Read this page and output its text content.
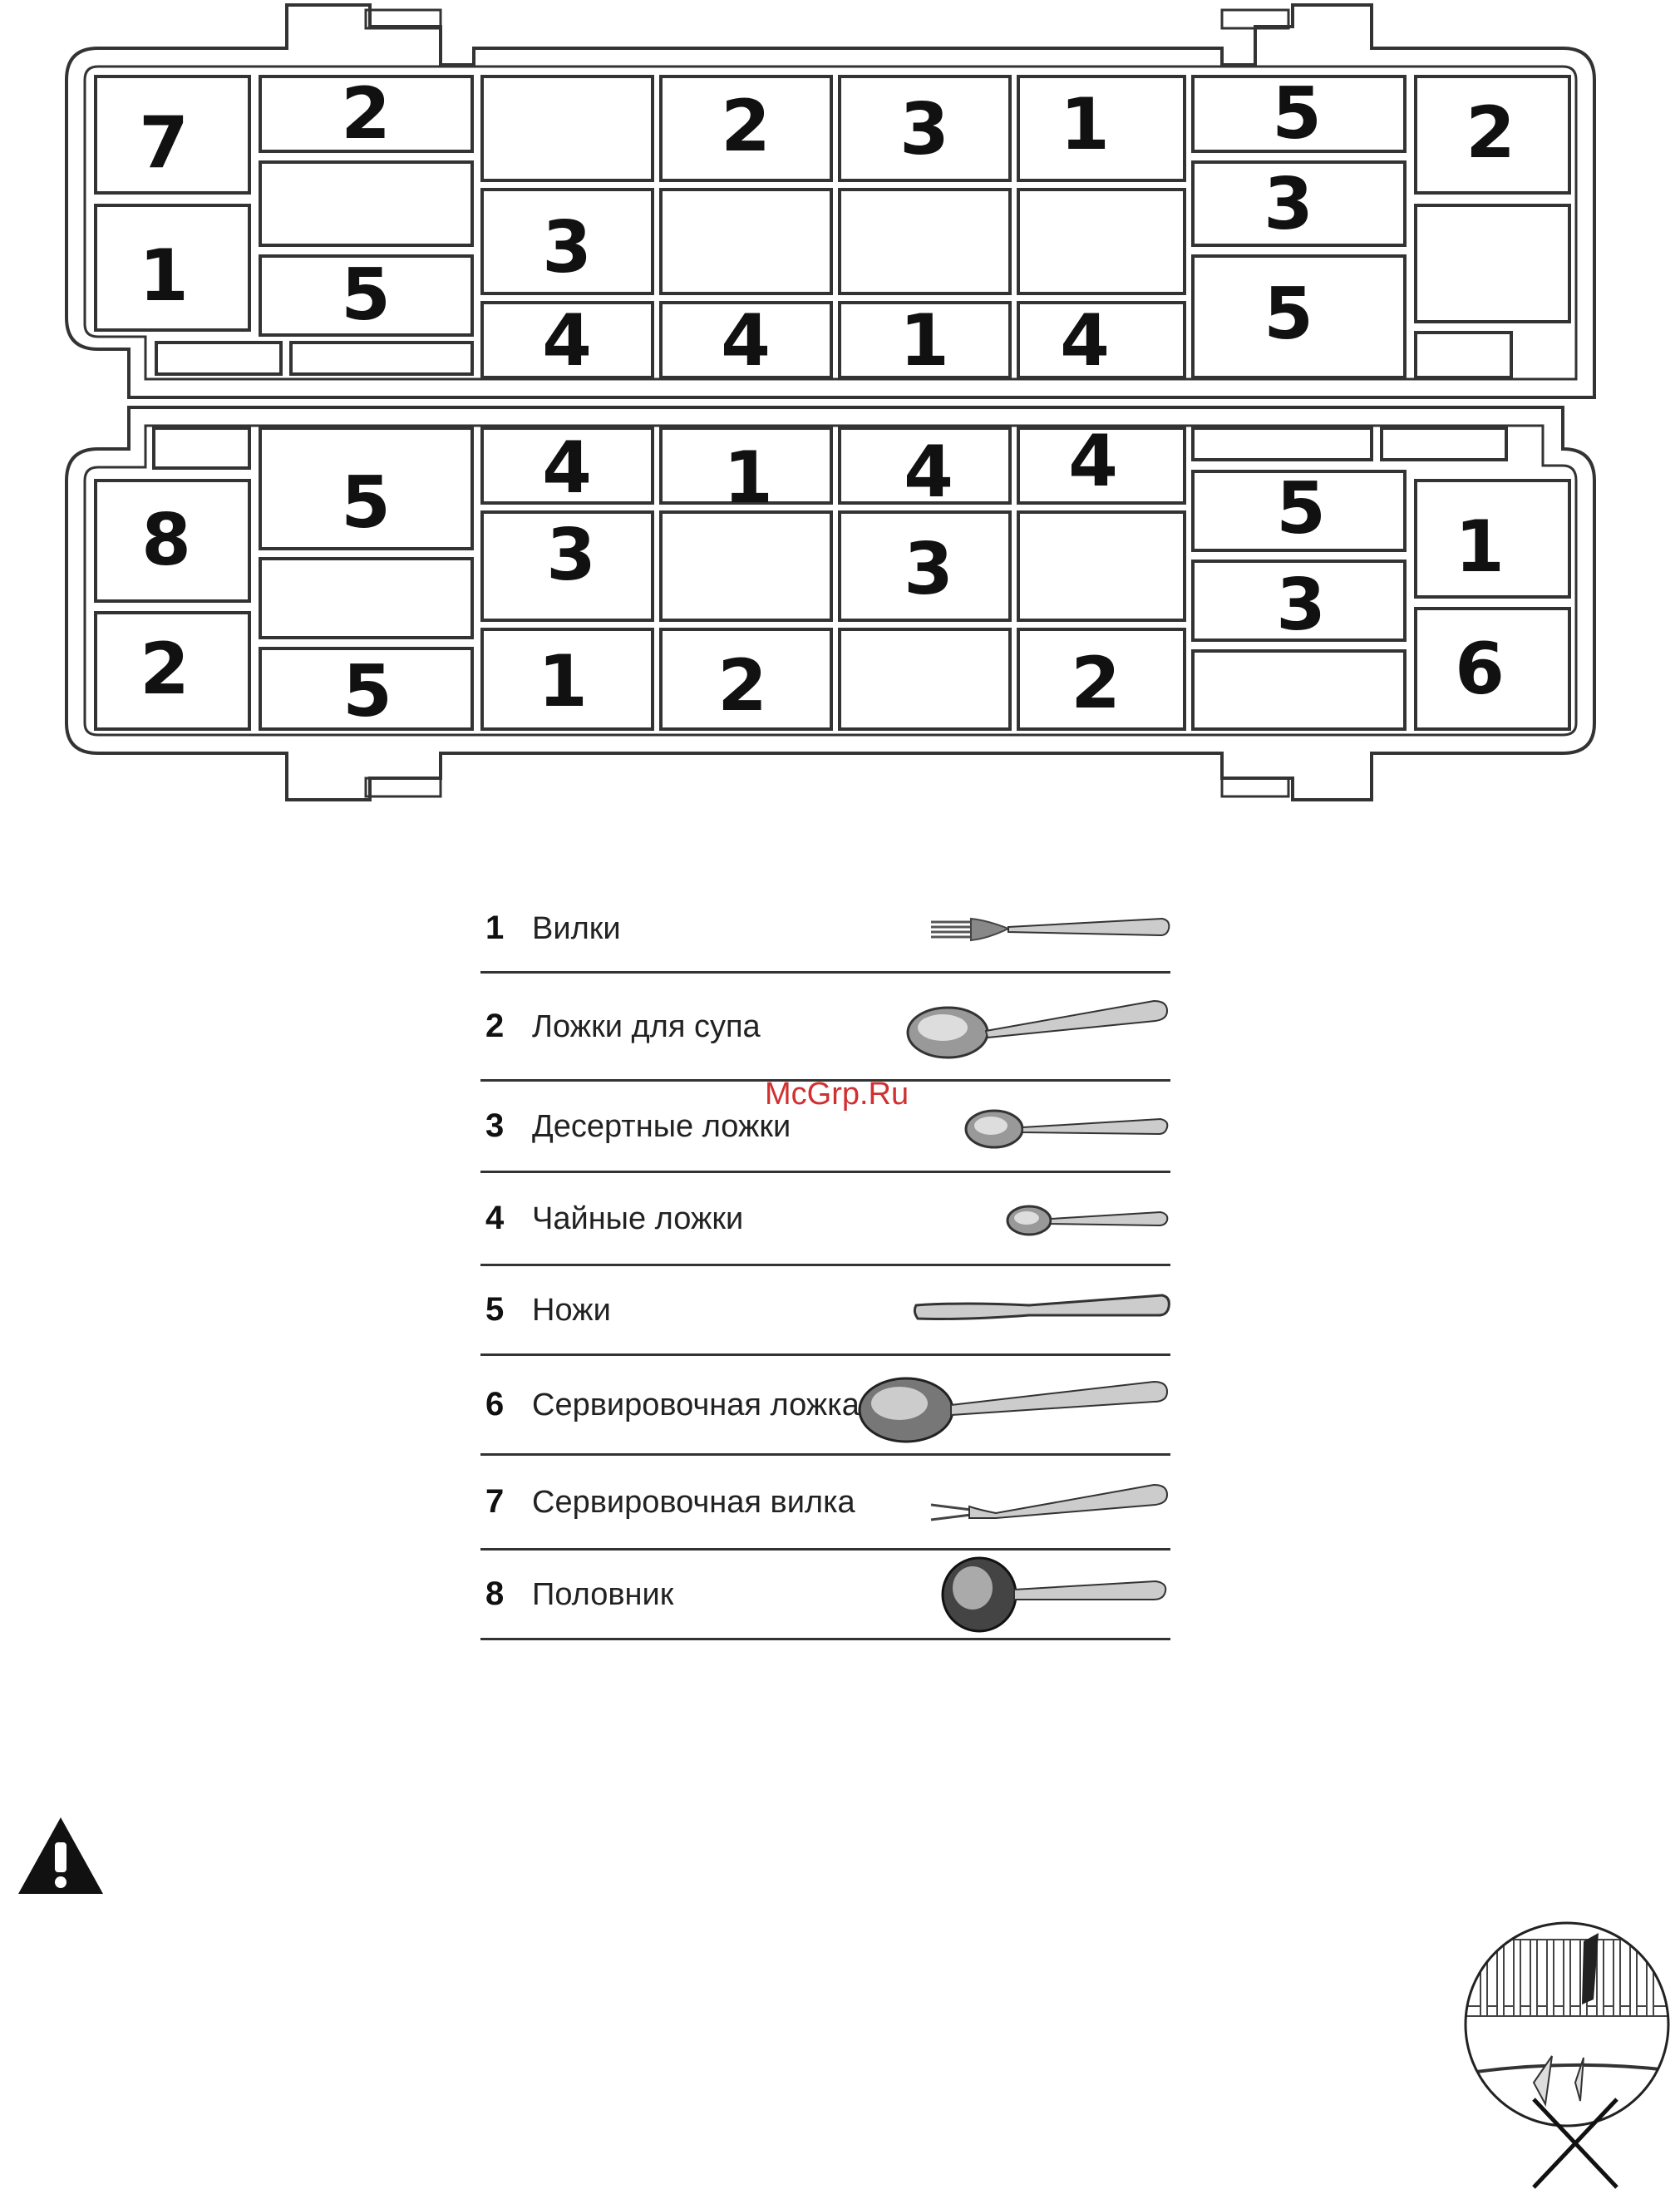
7
1
2
5
3
4
2
4
3
1
1
4
5
3
5
2
8
2
5
5
4
3
1
1
2
4
3
4
2
5
3
1
6
1 Вилки
2 Ложки для супа
3 Десертные ложки
4 Чайные ложки
5 Ножи
6 Сервировочная ложка
7 Сервировочная вилка
8 Половник
McGrp.Ru
